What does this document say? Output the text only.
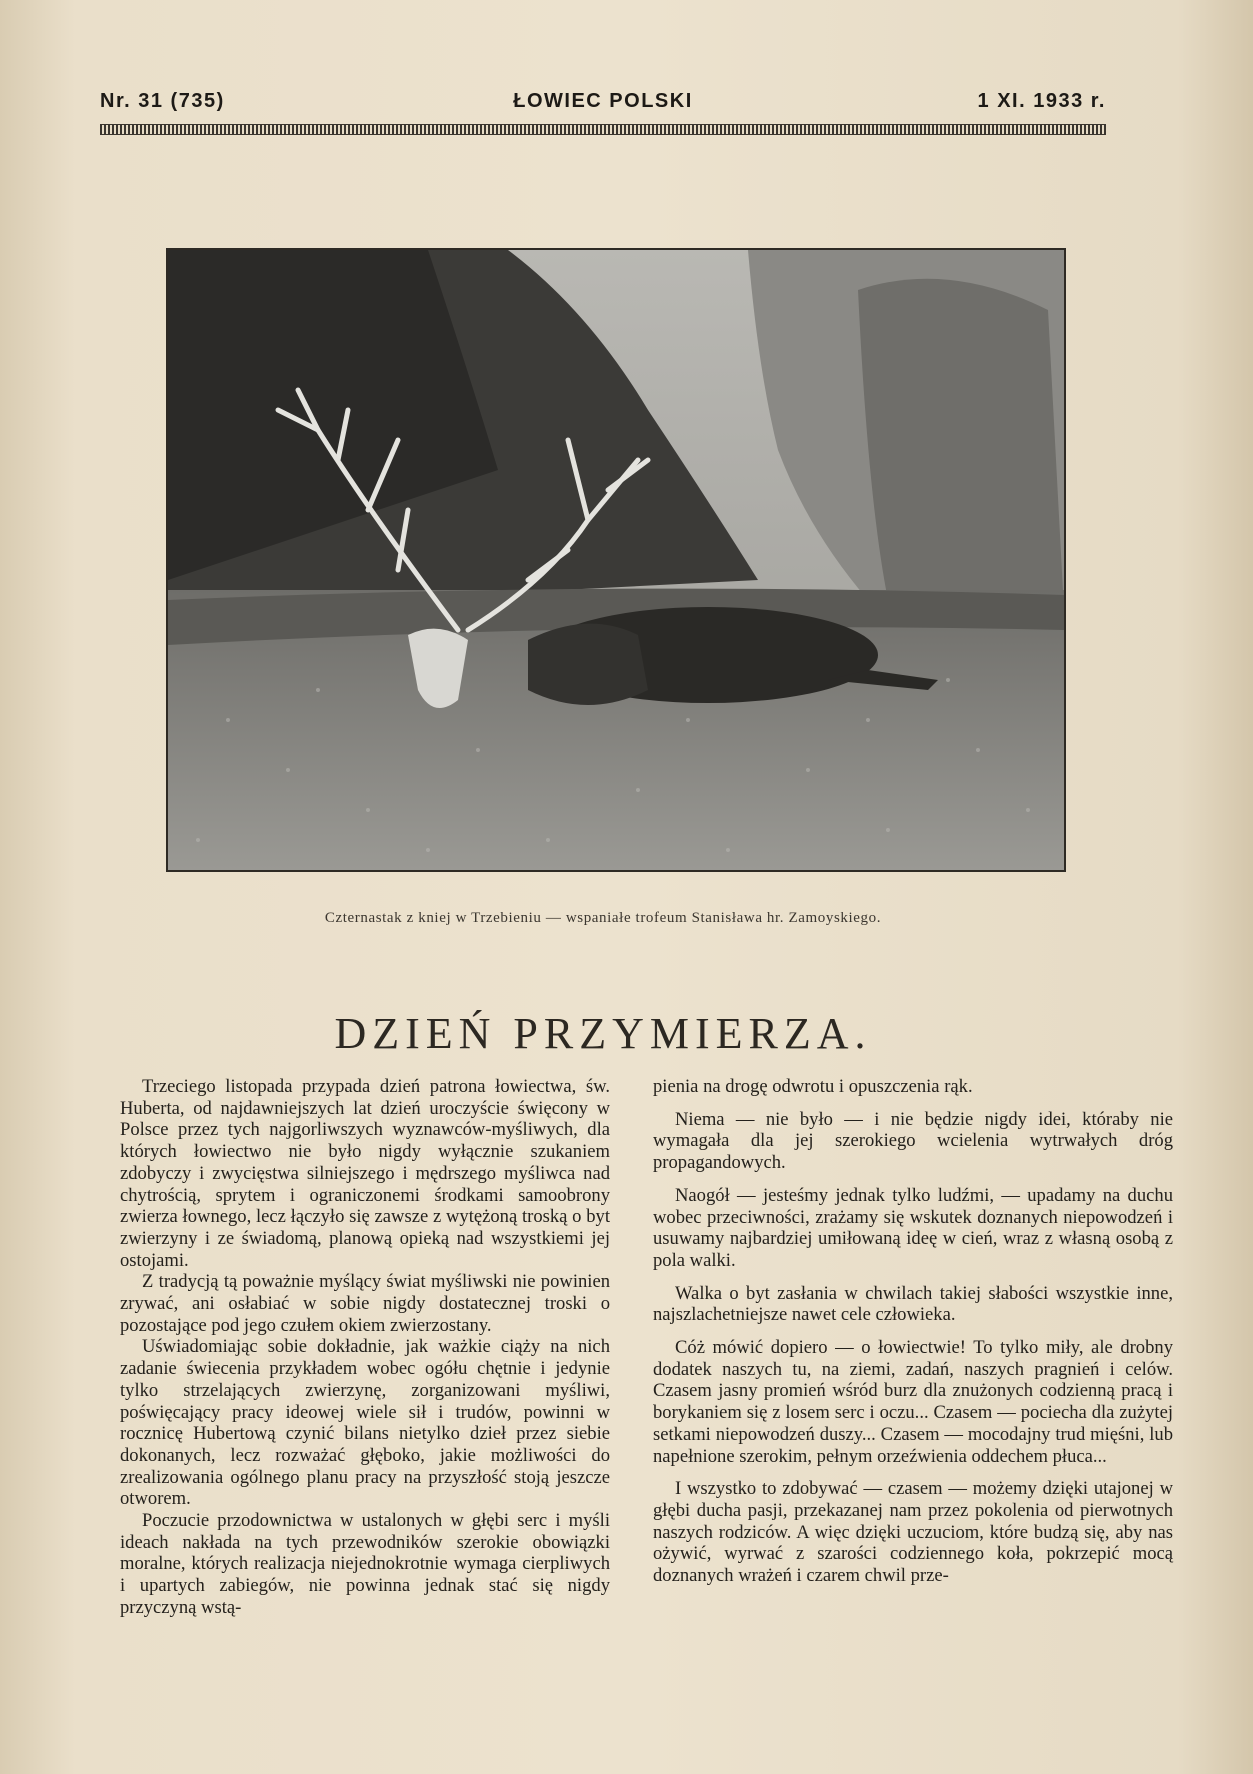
Nr. 31 (735)	ŁOWIEC POLSKI	1 XI. 1933 r.
Czternastak z kniej w Trzebieniu — wspaniałe trofeum Stanisława hr. Zamoyskiego.
DZIEŃ PRZYMIERZA.

Trzeciego listopada przypada dzień patrona łowiectwa, św. Huberta, od najdawniejszych lat dzień uroczyście święcony w Polsce przez tych najgorliwszych wyznawców-myśliwych, dla których łowiectwo nie było nigdy wyłącznie szukaniem zdobyczy i zwycięstwa silniejszego i mędrszego myśliwca nad chytrością, sprytem i ograniczonemi środkami samoobrony zwierza łownego, lecz łączyło się zawsze z wytężoną troską o byt zwierzyny i ze świadomą, planową opieką nad wszystkiemi jej ostojami.

Z tradycją tą poważnie myślący świat myśliwski nie powinien zrywać, ani osłabiać w sobie nigdy dostatecznej troski o pozostające pod jego czułem okiem zwierzostany.

Uświadomiając sobie dokładnie, jak ważkie ciąży na nich zadanie świecenia przykładem wobec ogółu chętnie i jedynie tylko strzelających zwierzynę, zorganizowani myśliwi, poświęcający pracy ideowej wiele sił i trudów, powinni w rocznicę Hubertową czynić bilans nietylko dzieł przez siebie dokonanych, lecz rozważać głęboko, jakie możliwości do zrealizowania ogólnego planu pracy na przyszłość stoją jeszcze otworem.

Poczucie przodownictwa w ustalonych w głębi serc i myśli ideach nakłada na tych przewodników szerokie obowiązki moralne, których realizacja niejednokrotnie wymaga cierpliwych i upartych zabiegów, nie powinna jednak stać się nigdy przyczyną wstą-

pienia na drogę odwrotu i opuszczenia rąk.

Niema — nie było — i nie będzie nigdy idei, któraby nie wymagała dla jej szerokiego wcielenia wytrwałych dróg propagandowych.

Naogół — jesteśmy jednak tylko ludźmi, — upadamy na duchu wobec przeciwności, zrażamy się wskutek doznanych niepowodzeń i usuwamy najbardziej umiłowaną ideę w cień, wraz z własną osobą z pola walki.

Walka o byt zasłania w chwilach takiej słabości wszystkie inne, najszlachetniejsze nawet cele człowieka.

Cóż mówić dopiero — o łowiectwie! To tylko miły, ale drobny dodatek naszych tu, na ziemi, zadań, naszych pragnień i celów. Czasem jasny promień wśród burz dla znużonych codzienną pracą i borykaniem się z losem serc i oczu... Czasem — pociecha dla zużytej setkami niepowodzeń duszy... Czasem — mocodajny trud mięśni, lub napełnione szerokim, pełnym orzeźwienia oddechem płuca...

I wszystko to zdobywać — czasem — możemy dzięki utajonej w głębi ducha pasji, przekazanej nam przez pokolenia od pierwotnych naszych rodziców. A więc dzięki uczuciom, które budzą się, aby nas ożywić, wyrwać z szarości codziennego koła, pokrzepić mocą doznanych wrażeń i czarem chwil prze-
